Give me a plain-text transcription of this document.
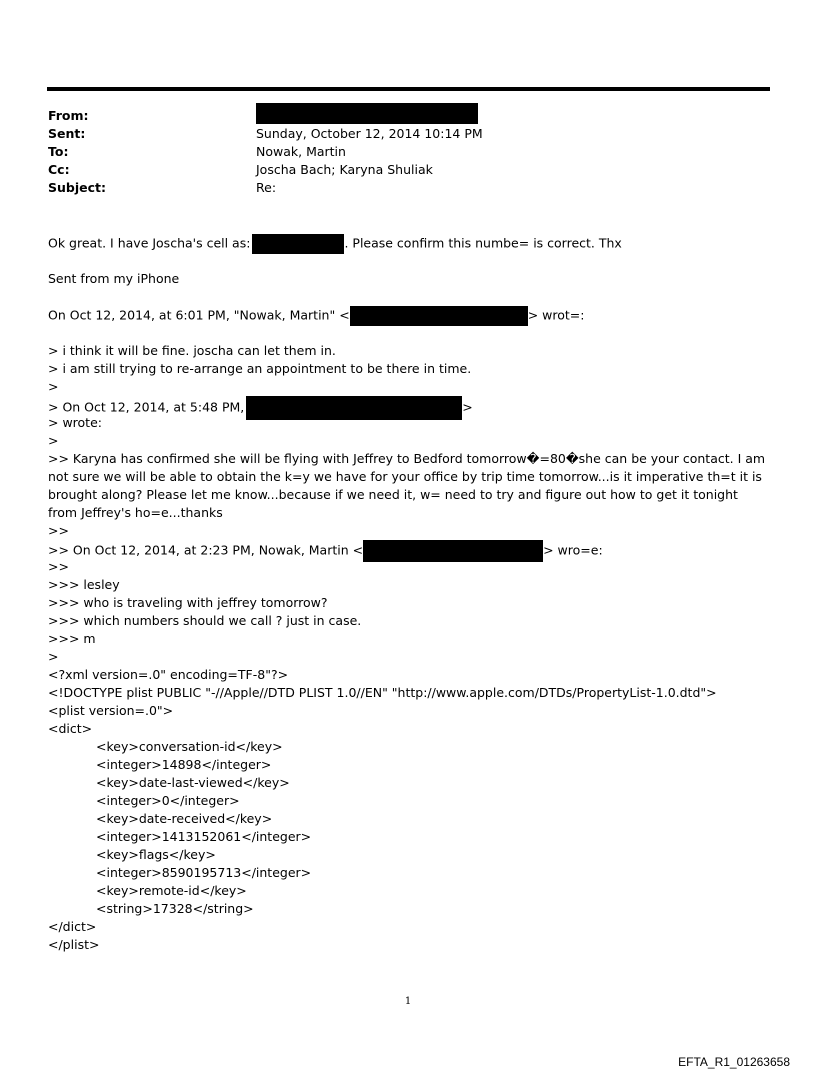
From:
Sent:	Sunday, October 12, 2014 10:14 PM
To:	Nowak, Martin
Cc:	Joscha Bach; Karyna Shuliak
Subject:	Re:
Ok great. I have Joscha's cell as:	. Please confirm this numbe= is correct. Thx
Sent from my iPhone
On Oct 12, 2014, at 6:01 PM, "Nowak, Martin" <	> wrot=:
> i think it will be fine. joscha can let them in.
> i am still trying to re-arrange an appointment to be there in time.
>
> On Oct 12, 2014, at 5:48 PM,	>
> wrote:
>
>> Karyna has confirmed she will be flying with Jeffrey to Bedford tomorrow�=80�she can be your contact. I am not sure we will be able to obtain the k=y we have for your office by trip time tomorrow...is it imperative th=t it is brought along? Please let me know...because if we need it, w= need to try and figure out how to get it tonight from Jeffrey's ho=e...thanks
>>
>> On Oct 12, 2014, at 2:23 PM, Nowak, Martin <	> wro=e:
>>
>>> lesley
>>> who is traveling with jeffrey tomorrow?
>>> which numbers should we call ? just in case.
>>> m
>
<?xml version=.0" encoding=TF-8"?>
<!DOCTYPE plist PUBLIC "-//Apple//DTD PLIST 1.0//EN" "http://www.apple.com/DTDs/PropertyList-1.0.dtd">
<plist version=.0">
<dict>
<key>conversation-id</key>
<integer>14898</integer>
<key>date-last-viewed</key>
<integer>0</integer>
<key>date-received</key>
<integer>1413152061</integer>
<key>flags</key>
<integer>8590195713</integer>
<key>remote-id</key>
<string>17328</string>
</dict>
</plist>
1
EFTA_R1_01263658
